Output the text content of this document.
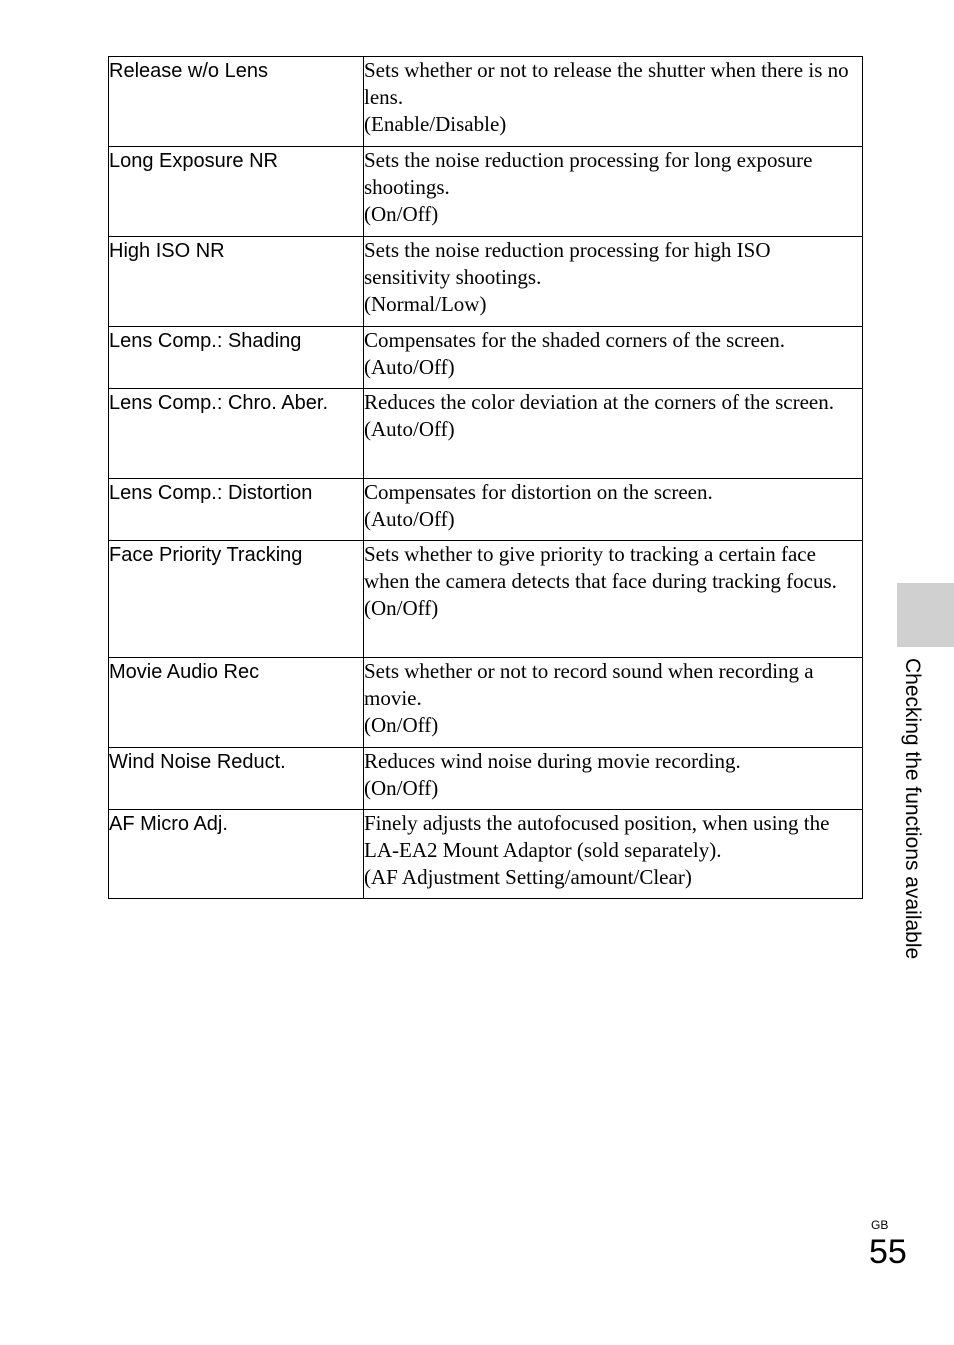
Release w/o Lens	Sets whether or not to release the shutter when there is no lens.
(Enable/Disable)

Long Exposure NR	Sets the noise reduction processing for long exposure shootings.
(On/Off)

High ISO NR	Sets the noise reduction processing for high ISO sensitivity shootings.
(Normal/Low)

Lens Comp.: Shading	Compensates for the shaded corners of the screen.
(Auto/Off)

Lens Comp.: Chro. Aber.	Reduces the color deviation at the corners of the screen.
(Auto/Off)

Lens Comp.: Distortion	Compensates for distortion on the screen.
(Auto/Off)

Face Priority Tracking	Sets whether to give priority to tracking a certain face when the camera detects that face during tracking focus.
(On/Off)

Movie Audio Rec	Sets whether or not to record sound when recording a movie.
(On/Off)

Wind Noise Reduct.	Reduces wind noise during movie recording.
(On/Off)

AF Micro Adj.	Finely adjusts the autofocused position, when using the LA-EA2 Mount Adaptor (sold separately).
(AF Adjustment Setting/amount/Clear)	Checking the functions available
GB
55
